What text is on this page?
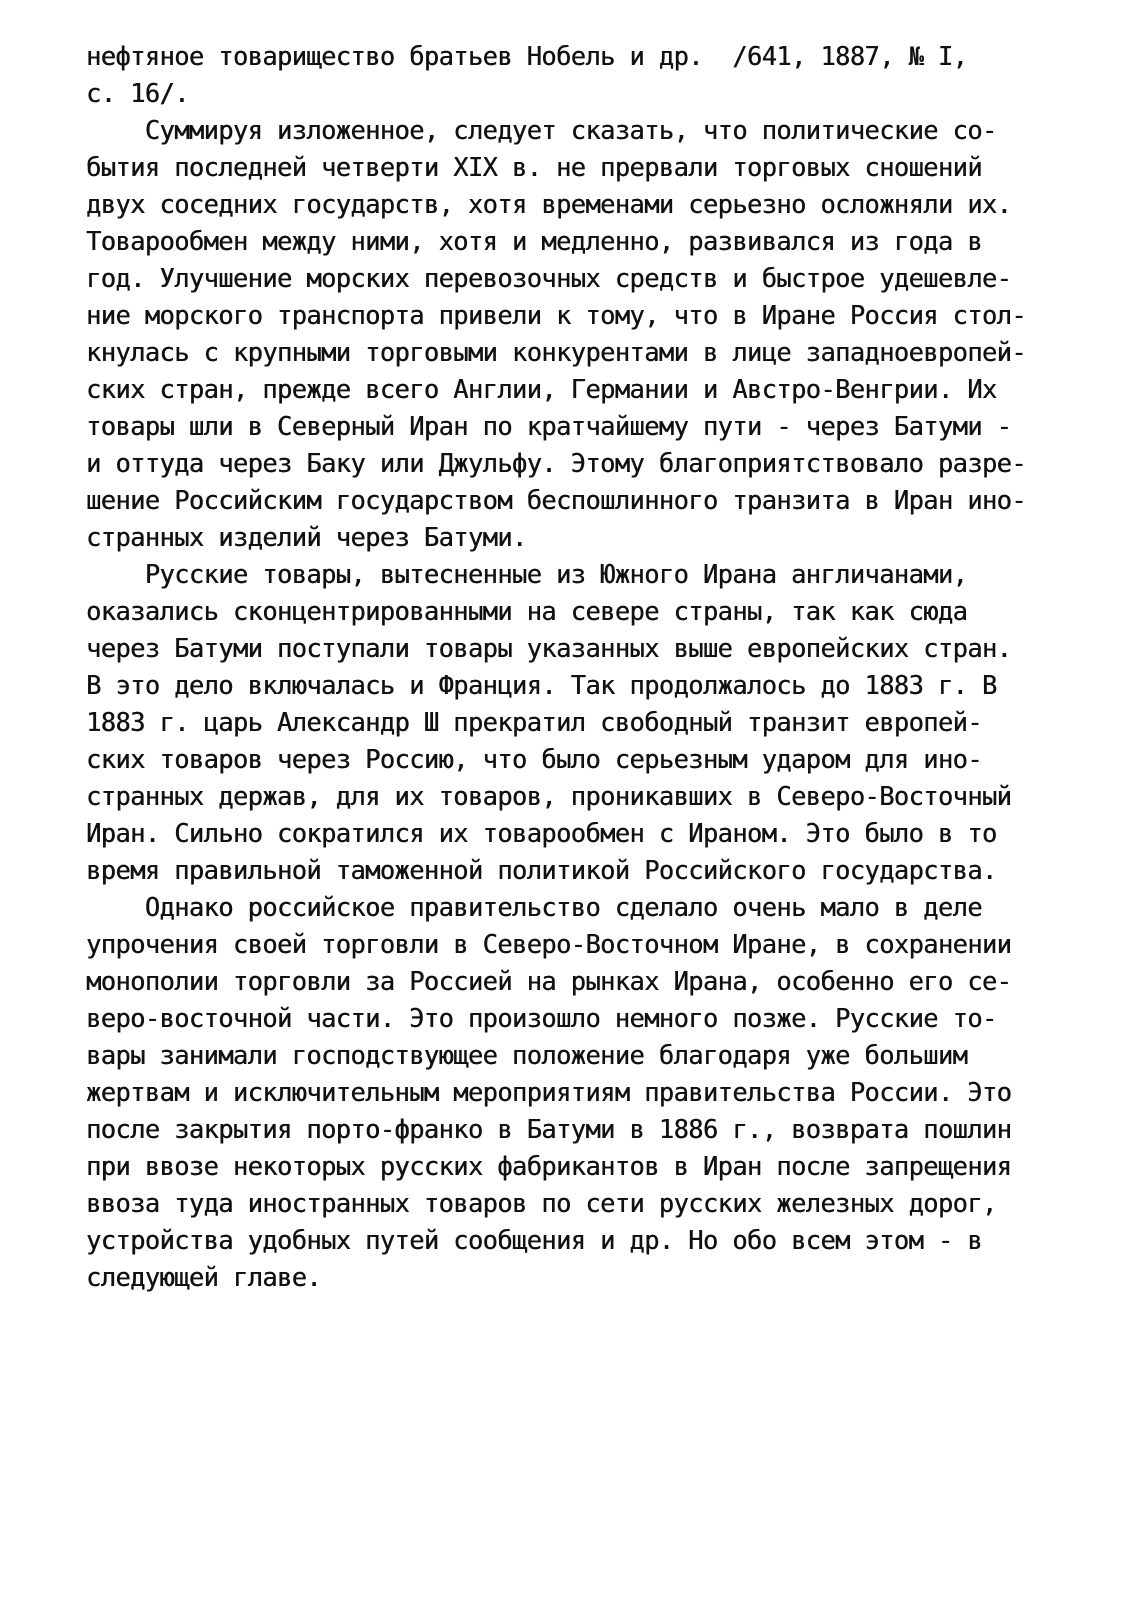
нефтяное товарищество братьев Нобель и др.  /641, 1887, № I,
с. 16/.
Суммируя изложенное, следует сказать, что политические со-
бытия последней четверти XIX в. не прервали торговых сношений
двух соседних государств, хотя временами серьезно осложняли их.
Товарообмен между ними, хотя и медленно, развивался из года в
год. Улучшение морских перевозочных средств и быстрое удешевле-
ние морского транспорта привели к тому, что в Иране Россия стол-
кнулась с крупными торговыми конкурентами в лице западноевропей-
ских стран, прежде всего Англии, Германии и Австро-Венгрии. Их
товары шли в Северный Иран по кратчайшему пути - через Батуми -
и оттуда через Баку или Джульфу. Этому благоприятствовало разре-
шение Российским государством беспошлинного транзита в Иран ино-
странных изделий через Батуми.
Русские товары, вытесненные из Южного Ирана англичанами,
оказались сконцентрированными на севере страны, так как сюда
через Батуми поступали товары указанных выше европейских стран.
В это дело включалась и Франция. Так продолжалось до 1883 г. В
1883 г. царь Александр Ш прекратил свободный транзит европей-
ских товаров через Россию, что было серьезным ударом для ино-
странных держав, для их товаров, проникавших в Северо-Восточный
Иран. Сильно сократился их товарообмен с Ираном. Это было в то
время правильной таможенной политикой Российского государства.
Однако российское правительство сделало очень мало в деле
упрочения своей торговли в Северо-Восточном Иране, в сохранении
монополии торговли за Россией на рынках Ирана, особенно его се-
веро-восточной части. Это произошло немного позже. Русские то-
вары занимали господствующее положение благодаря уже большим
жертвам и исключительным мероприятиям правительства России. Это
после закрытия порто-франко в Батуми в 1886 г., возврата пошлин
при ввозе некоторых русских фабрикантов в Иран после запрещения
ввоза туда иностранных товаров по сети русских железных дорог,
устройства удобных путей сообщения и др. Но обо всем этом - в
следующей главе.
